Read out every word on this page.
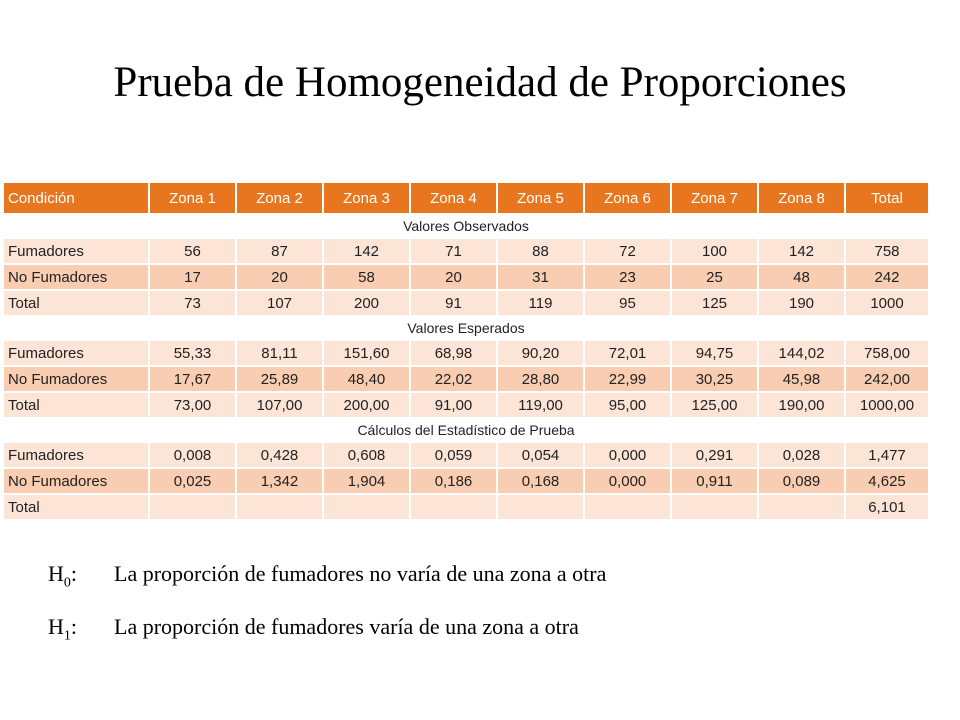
Prueba de Homogeneidad de Proporciones
Condición	Zona 1	Zona 2	Zona 3	Zona 4	Zona 5	Zona 6	Zona 7	Zona 8	Total
Valores Observados									
Fumadores	56	87	142	71	88	72	100	142	758
No Fumadores	17	20	58	20	31	23	25	48	242
Total	73	107	200	91	119	95	125	190	1000
Valores Esperados									
Fumadores	55,33	81,11	151,60	68,98	90,20	72,01	94,75	144,02	758,00
No Fumadores	17,67	25,89	48,40	22,02	28,80	22,99	30,25	45,98	242,00
Total	73,00	107,00	200,00	91,00	119,00	95,00	125,00	190,00	1000,00
Cálculos del Estadístico de Prueba									
Fumadores	0,008	0,428	0,608	0,059	0,054	0,000	0,291	0,028	1,477
No Fumadores	0,025	1,342	1,904	0,186	0,168	0,000	0,911	0,089	4,625
Total									6,101
$H_0$: La proporción de fumadores no varía de una zona a otra
$H_1$: La proporción de fumadores varía de una zona a otra
